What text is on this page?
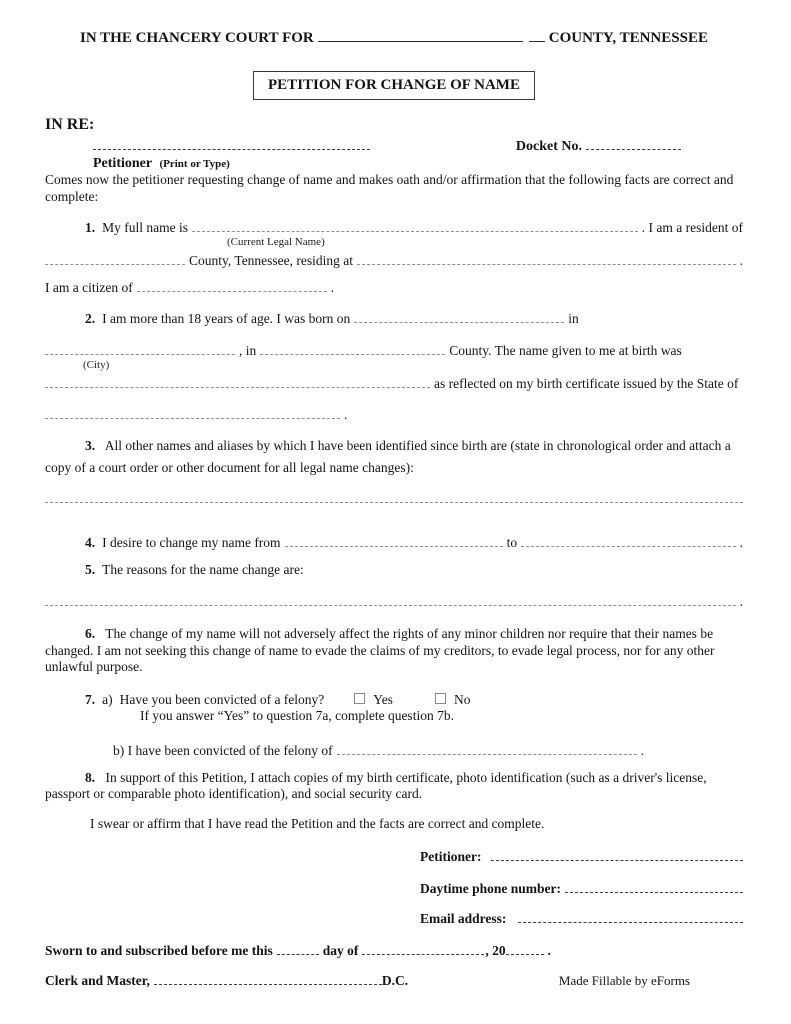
IN THE CHANCERY COURT FOR	COUNTY, TENNESSEE
PETITION FOR CHANGE OF NAME
IN RE:
Docket No.
Petitioner (Print or Type)

Comes now the petitioner requesting change of name and makes oath and/or affirmation that the following facts are correct and complete:

1. My full name is	. I am a resident of
(Current Legal Name)
County, Tennessee, residing at	.
I am a citizen of	.
2. I am more than 18 years of age. I was born on	in
, in	County. The name given to me at birth was
(City)
as reflected on my birth certificate issued by the State of
.

3. All other names and aliases by which I have been identified since birth are (state in chronological order and attach a copy of a court order or other document for all legal name changes):

4. I desire to change my name from	to	.
5. The reasons for the name change are:
.

6. The change of my name will not adversely affect the rights of any minor children nor require that their names be changed. I am not seeking this change of name to evade the claims of my creditors, to evade legal process, nor for any other unlawful purpose.

7. a) Have you been convicted of a felony?	Yes	No
If you answer “Yes” to question 7a, complete question 7b.
b) I have been convicted of the felony of	.

8. In support of this Petition, I attach copies of my birth certificate, photo identification (such as a driver's license, passport or comparable photo identification), and social security card.

I swear or affirm that I have read the Petition and the facts are correct and complete.

Petitioner:
Daytime phone number:
Email address:
Sworn to and subscribed before me this	day of	, 20	.
Clerk and Master,	D.C.	Made Fillable by eForms
